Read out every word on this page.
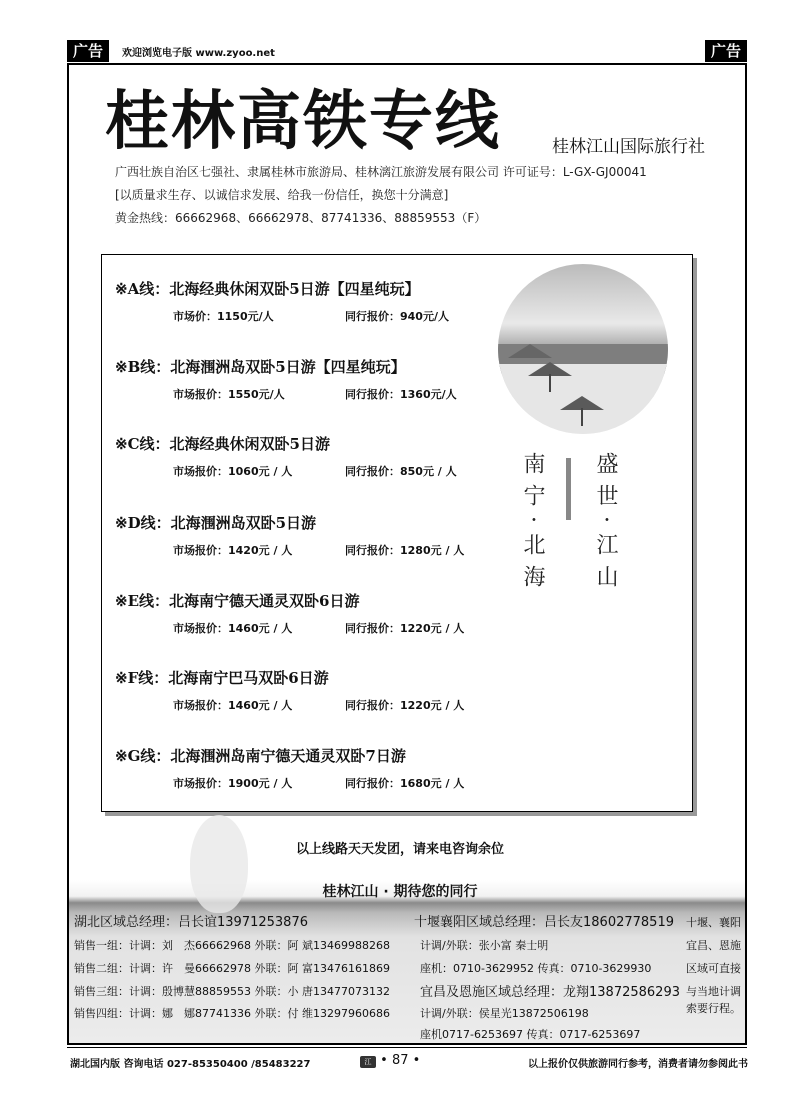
广告	欢迎浏览电子版 www.zyoo.net	广告
桂林高铁专线	桂林江山国际旅行社
广西壮族自治区七强社、隶属桂林市旅游局、桂林漓江旅游发展有限公司 许可证号：L-GX-GJ00041
[以质量求生存、以诚信求发展、给我一份信任，换您十分满意]
黄金热线：66662968、66662978、87741336、88859553（F）
※A线：北海经典休闲双卧5日游【四星纯玩】
市场价：1150元/人	同行报价：940元/人
※B线：北海涠洲岛双卧5日游【四星纯玩】
市场报价：1550元/人	同行报价：1360元/人
※C线：北海经典休闲双卧5日游
市场报价：1060元 / 人	同行报价：850元 / 人
※D线：北海涠洲岛双卧5日游
市场报价：1420元 / 人	同行报价：1280元 / 人
※E线：北海南宁德天通灵双卧6日游
市场报价：1460元 / 人	同行报价：1220元 / 人
※F线：北海南宁巴马双卧6日游
市场报价：1460元 / 人	同行报价：1220元 / 人
※G线：北海涠洲岛南宁德天通灵双卧7日游
市场报价：1900元 / 人	同行报价：1680元 / 人
南宁·北海 盛世·江山
以上线路天天发团，请来电咨询余位
桂林江山 · 期待您的同行
湖北区域总经理：吕长谊13971253876	十堰襄阳区域总经理：吕长友18602778519
销售一组：计调：刘　杰66662968 外联：阿 斌13469988268
销售二组：计调：许　曼66662978 外联：阿 富13476161869
销售三组：计调：殷博慧88859553 外联：小 唐13477073132
销售四组：计调：娜　娜87741336 外联：付 维13297960686
计调/外联：张小富 秦士明
座机：0710-3629952 传真：0710-3629930
宜昌及恩施区域总经理：龙翔13872586293
计调/外联：侯星光13872506198
座机0717-6253697 传真：0717-6253697
十堰、襄阳
宜昌、恩施
区域可直接
与当地计调
索要行程。
湖北国内版 咨询电话 027-85350400 /85483227	江 • 87 •	以上报价仅供旅游同行参考，消费者请勿参阅此书
